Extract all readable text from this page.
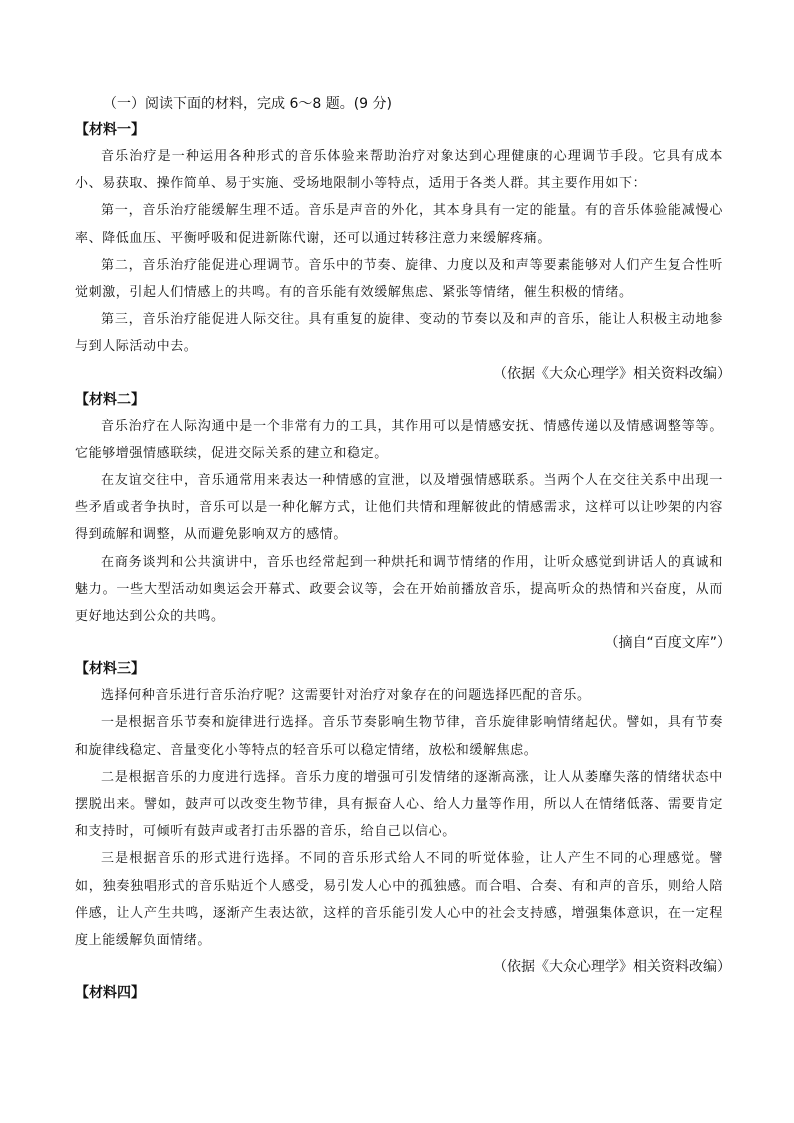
（一）阅读下面的材料，完成 6～8 题。(9 分)
【材料一】

音乐治疗是一种运用各种形式的音乐体验来帮助治疗对象达到心理健康的心理调节手段。它具有成本小、易获取、操作简单、易于实施、受场地限制小等特点，适用于各类人群。其主要作用如下：

第一，音乐治疗能缓解生理不适。音乐是声音的外化，其本身具有一定的能量。有的音乐体验能减慢心率、降低血压、平衡呼吸和促进新陈代谢，还可以通过转移注意力来缓解疼痛。

第二，音乐治疗能促进心理调节。音乐中的节奏、旋律、力度以及和声等要素能够对人们产生复合性听觉刺激，引起人们情感上的共鸣。有的音乐能有效缓解焦虑、紧张等情绪，催生积极的情绪。

第三，音乐治疗能促进人际交往。具有重复的旋律、变动的节奏以及和声的音乐，能让人积极主动地参与到人际活动中去。

（依据《大众心理学》相关资料改编）
【材料二】

音乐治疗在人际沟通中是一个非常有力的工具，其作用可以是情感安抚、情感传递以及情感调整等等。它能够增强情感联续，促进交际关系的建立和稳定。

在友谊交往中，音乐通常用来表达一种情感的宣泄，以及增强情感联系。当两个人在交往关系中出现一些矛盾或者争执时，音乐可以是一种化解方式，让他们共情和理解彼此的情感需求，这样可以让吵架的内容得到疏解和调整，从而避免影响双方的感情。

在商务谈判和公共演讲中，音乐也经常起到一种烘托和调节情绪的作用，让听众感觉到讲话人的真诚和魅力。一些大型活动如奥运会开幕式、政要会议等，会在开始前播放音乐，提高听众的热情和兴奋度，从而更好地达到公众的共鸣。

（摘自“百度文库”）
【材料三】

选择何种音乐进行音乐治疗呢？这需要针对治疗对象存在的问题选择匹配的音乐。

一是根据音乐节奏和旋律进行选择。音乐节奏影响生物节律，音乐旋律影响情绪起伏。譬如，具有节奏和旋律线稳定、音量变化小等特点的轻音乐可以稳定情绪，放松和缓解焦虑。

二是根据音乐的力度进行选择。音乐力度的增强可引发情绪的逐渐高涨，让人从萎靡失落的情绪状态中摆脱出来。譬如，鼓声可以改变生物节律，具有振奋人心、给人力量等作用，所以人在情绪低落、需要肯定和支持时，可倾听有鼓声或者打击乐器的音乐，给自己以信心。

三是根据音乐的形式进行选择。不同的音乐形式给人不同的听觉体验，让人产生不同的心理感觉。譬如，独奏独唱形式的音乐贴近个人感受，易引发人心中的孤独感。而合唱、合奏、有和声的音乐，则给人陪伴感，让人产生共鸣，逐渐产生表达欲，这样的音乐能引发人心中的社会支持感，增强集体意识，在一定程度上能缓解负面情绪。

（依据《大众心理学》相关资料改编）
【材料四】
